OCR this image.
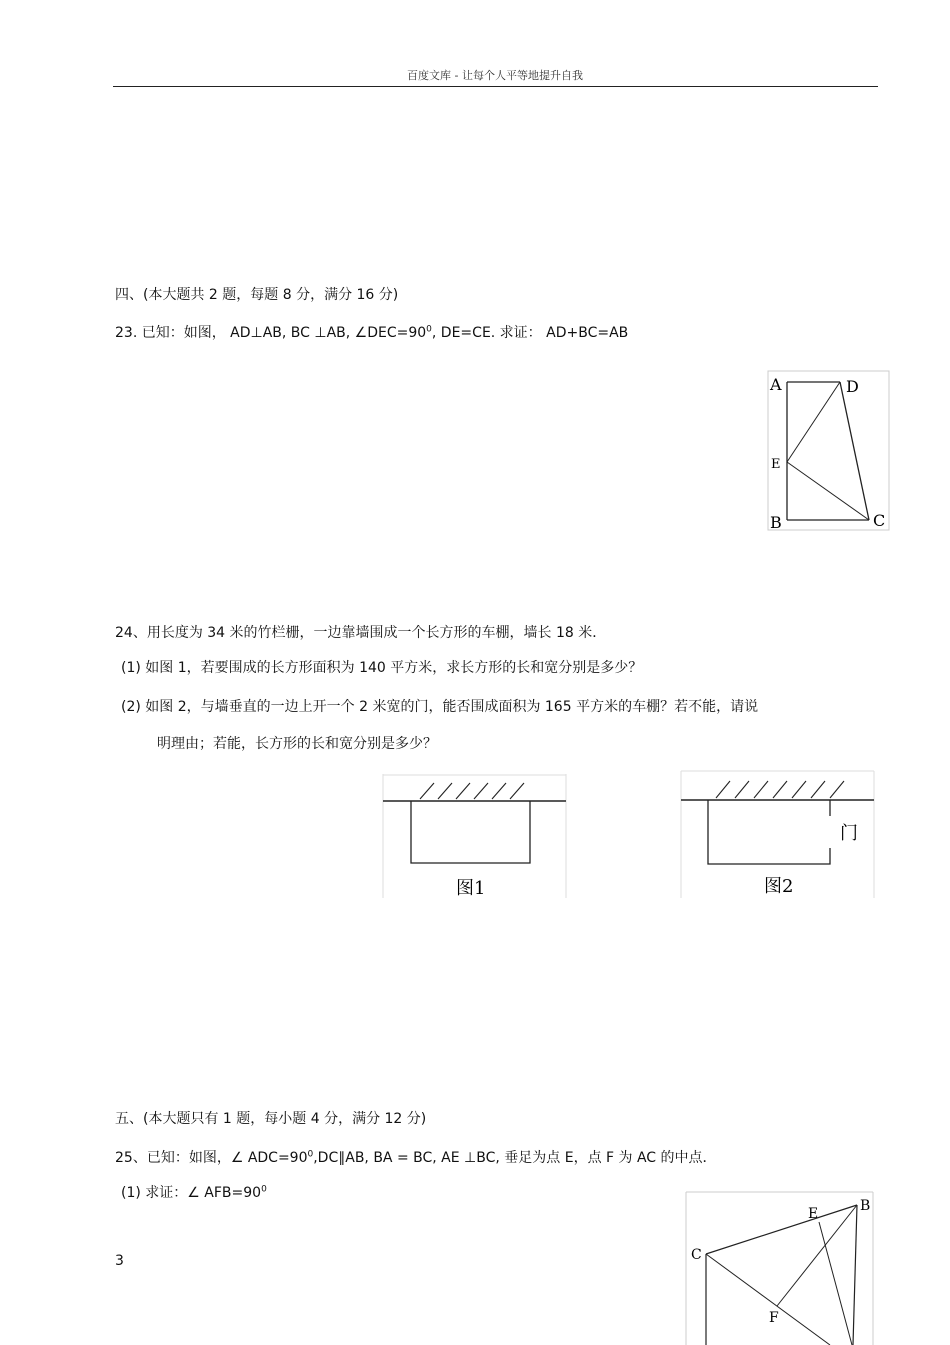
百度文库 - 让每个人平等地提升自我
四、(本大题共 2 题，每题 8 分，满分 16 分)
23. 已知：如图， AD⊥AB, BC ⊥AB, $\angle DEC=90^0$, DE=CE. 求证： AD+BC=AB
A	D
E
B	C
24、用长度为 34 米的竹栏栅，一边靠墙围成一个长方形的车棚，墙长 18 米．
(1) 如图 1，若要围成的长方形面积为 140 平方米，求长方形的长和宽分别是多少？
(2) 如图 2，与墙垂直的一边上开一个 2 米宽的门，能否围成面积为 165 平方米的车棚？若不能，请说
明理由；若能，长方形的长和宽分别是多少？
图1
门
图2
五、(本大题只有 1 题，每小题 4 分，满分 12 分)
25、已知：如图，∠ $ADC=90^0,DC\parallel AB$, BA = BC, AE ⊥BC, 垂足为点 E，点 F 为 AC 的中点．
(1) 求证：∠ $AFB=90^0$
B
E
C
F
3
